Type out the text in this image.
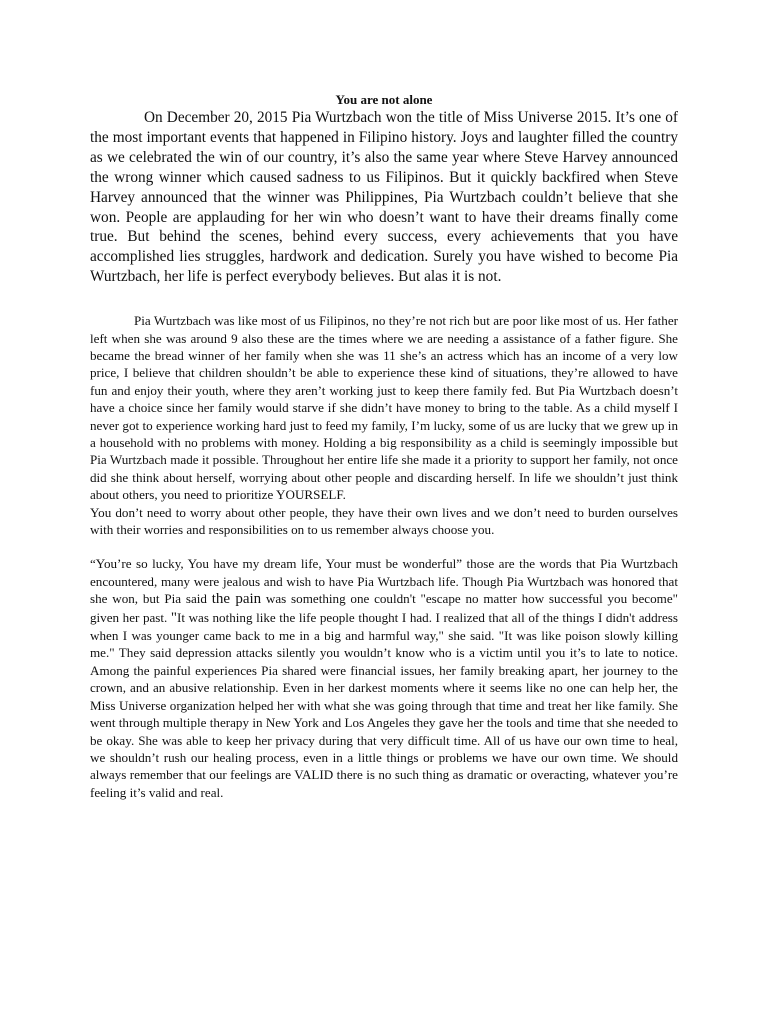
You are not alone

On December 20, 2015 Pia Wurtzbach won the title of Miss Universe 2015. It’s one of the most important events that happened in Filipino history. Joys and laughter filled the country as we celebrated the win of our country, it’s also the same year where Steve Harvey announced the wrong winner which caused sadness to us Filipinos. But it quickly backfired when Steve Harvey announced that the winner was Philippines, Pia Wurtzbach couldn’t believe that she won. People are applauding for her win who doesn’t want to have their dreams finally come true. But behind the scenes, behind every success, every achievements that you have accomplished lies struggles, hardwork and dedication. Surely you have wished to become Pia Wurtzbach, her life is perfect everybody believes. But alas it is not.

Pia Wurtzbach was like most of us Filipinos, no they’re not rich but are poor like most of us. Her father left when she was around 9 also these are the times where we are needing a assistance of a father figure. She became the bread winner of her family when she was 11 she’s an actress which has an income of a very low price, I believe that children shouldn’t be able to experience these kind of situations, they’re allowed to have fun and enjoy their youth, where they aren’t working just to keep there family fed. But Pia Wurtzbach doesn’t have a choice since her family would starve if she didn’t have money to bring to the table. As a child myself I never got to experience working hard just to feed my family, I’m lucky, some of us are lucky that we grew up in a household with no problems with money. Holding a big responsibility as a child is seemingly impossible but Pia Wurtzbach made it possible. Throughout her entire life she made it a priority to support her family, not once did she think about herself, worrying about other people and discarding herself. In life we shouldn’t just think about others, you need to prioritize YOURSELF.

You don’t need to worry about other people, they have their own lives and we don’t need to burden ourselves with their worries and responsibilities on to us remember always choose you.

“You’re so lucky, You have my dream life, Your must be wonderful” those are the words that Pia Wurtzbach encountered, many were jealous and wish to have Pia Wurtzbach life. Though Pia Wurtzbach was honored that she won, but Pia said the pain was something one couldn't "escape no matter how successful you become" given her past. "It was nothing like the life people thought I had. I realized that all of the things I didn't address when I was younger came back to me in a big and harmful way," she said. "It was like poison slowly killing me." They said depression attacks silently you wouldn’t know who is a victim until you it’s to late to notice. Among the painful experiences Pia shared were financial issues, her family breaking apart, her journey to the crown, and an abusive relationship. Even in her darkest moments where it seems like no one can help her, the Miss Universe organization helped her with what she was going through that time and treat her like family. She went through multiple therapy in New York and Los Angeles they gave her the tools and time that she needed to be okay. She was able to keep her privacy during that very difficult time. All of us have our own time to heal, we shouldn’t rush our healing process, even in a little things or problems we have our own time. We should always remember that our feelings are VALID there is no such thing as dramatic or overacting, whatever you’re feeling it’s valid and real.
